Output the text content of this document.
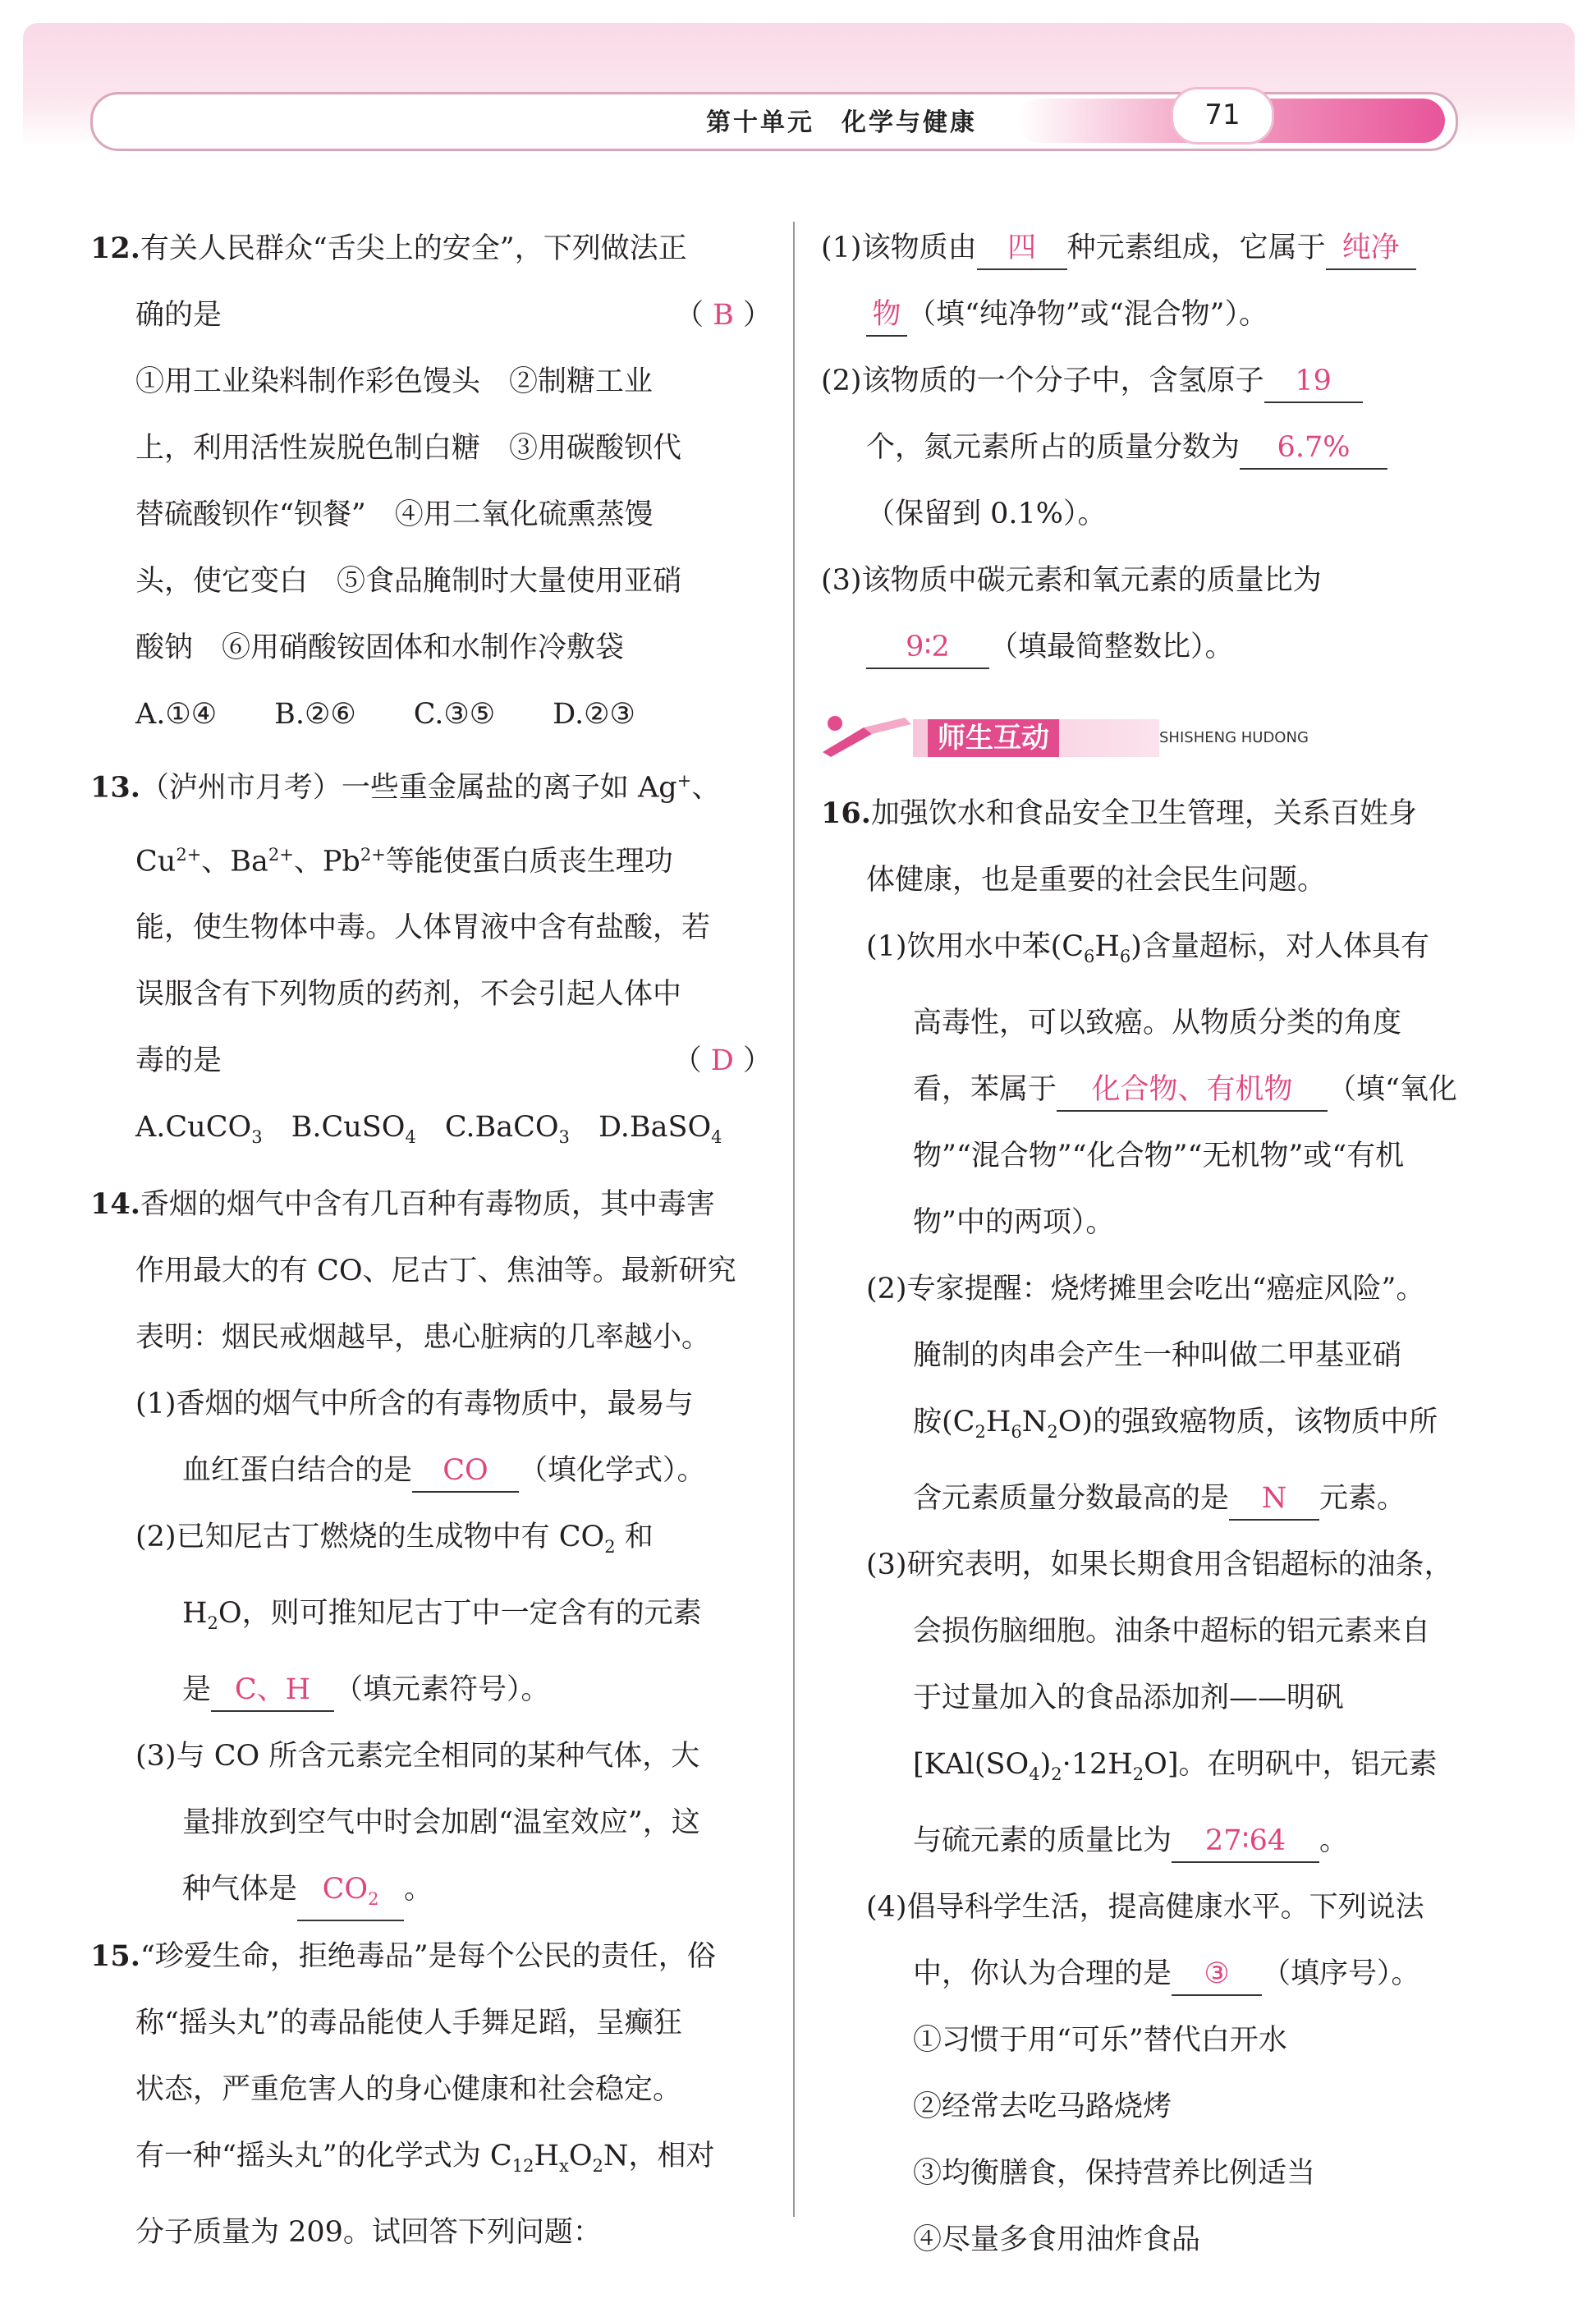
第十单元　化学与健康	71
12.有关人民群众“舌尖上的安全”，下列做法正
确的是	（ B ）
①用工业染料制作彩色馒头　②制糖工业
上，利用活性炭脱色制白糖　③用碳酸钡代
替硫酸钡作“钡餐”　④用二氧化硫熏蒸馒
头，使它变白　⑤食品腌制时大量使用亚硝
酸钠　⑥用硝酸铵固体和水制作冷敷袋
A.①④　　B.②⑥　　C.③⑤　　D.②③
13.（泸州市月考）一些重金属盐的离子如 Ag+、
$Cu^{2+}$、$Ba^{2+}$、$Pb^{2+}$等能使蛋白质丧生理功
能，使生物体中毒。人体胃液中含有盐酸，若
误服含有下列物质的药剂，不会引起人体中
毒的是	（ D ）
A.CuCO$_3$　 B.CuSO$_4$　 C.BaCO$_3$　 D.BaSO$_4$
14.香烟的烟气中含有几百种有毒物质，其中毒害
作用最大的有 CO、尼古丁、焦油等。最新研究
表明：烟民戒烟越早，患心脏病的几率越小。
(1)香烟的烟气中所含的有毒物质中，最易与
血红蛋白结合的是 CO （填化学式）。
(2)已知尼古丁燃烧的生成物中有 $CO_2$ 和
$H_2O$，则可推知尼古丁中一定含有的元素
是 C、H （填元素符号）。
(3)与 CO 所含元素完全相同的某种气体，大
量排放到空气中时会加剧“温室效应”，这
种气体是 $CO_2$ 。
15.“珍爱生命，拒绝毒品”是每个公民的责任，俗
称“摇头丸”的毒品能使人手舞足蹈，呈癫狂
状态，严重危害人的身心健康和社会稳定。
有一种“摇头丸”的化学式为 $C_{12}H_xO_2N$，相对
分子质量为 209。试回答下列问题：
(1)该物质由 四 种元素组成，它属于 纯净
物 （填“纯净物”或“混合物”）。
(2)该物质的一个分子中，含氢原子 19
个，氮元素所占的质量分数为 6.7%
（保留到 0.1%）。
(3)该物质中碳元素和氧元素的质量比为
9∶2 （填最简整数比）。
师生互动	SHISHENG HUDONG
16.加强饮水和食品安全卫生管理，关系百姓身
体健康，也是重要的社会民生问题。
(1)饮用水中苯$(C_6H_6)$含量超标，对人体具有
高毒性，可以致癌。从物质分类的角度
看，苯属于 化合物、有机物 （填“氧化
物”“混合物”“化合物”“无机物”或“有机
物”中的两项）。
(2)专家提醒：烧烤摊里会吃出“癌症风险”。
腌制的肉串会产生一种叫做二甲基亚硝
胺$(C_2H_6N_2O)$的强致癌物质，该物质中所
含元素质量分数最高的是 N 元素。
(3)研究表明，如果长期食用含铝超标的油条，
会损伤脑细胞。油条中超标的铝元素来自
于过量加入的食品添加剂——明矾
$[KAl(SO_4)_2\cdot 12H_2O]$。在明矾中，铝元素
与硫元素的质量比为 27∶64 。
(4)倡导科学生活，提高健康水平。下列说法
中，你认为合理的是 ③ （填序号）。
①习惯于用“可乐”替代白开水
②经常去吃马路烧烤
③均衡膳食，保持营养比例适当
④尽量多食用油炸食品
